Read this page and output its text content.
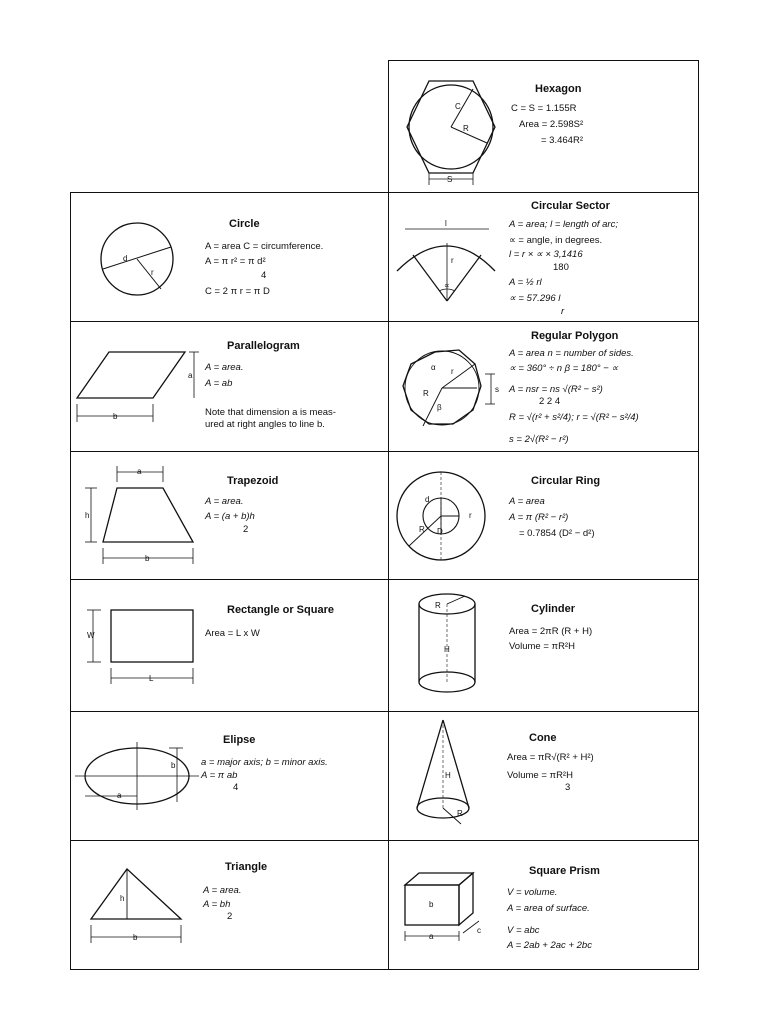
C
R
S
Hexagon
C = S = 1.155R
Area = 2.598S²
= 3.464R²
d
r
Circle
A = area C = circumference.
A = π r² = π d²
4
C = 2 π r = π D
l
r
∝
Circular Sector
A = area; l = length of arc;
∝ = angle, in degrees.
l = r × ∝ × 3,1416
180
A = ½ rl
∝ = 57.296 l
r
a
b
Parallelogram
A = area.
A = ab
Note that dimension a is meas-
ured at right angles to line b.
α r
R
β
s
Regular Polygon
A = area n = number of sides.
∝ = 360° ÷ n β = 180° − ∝
A = nsr = ns √(R² − s²)
2 2 4
R = √(r² + s²/4); r = √(R² − s²/4)
s = 2√(R² − r²)
a
h
b
Trapezoid
A = area.
A = (a + b)h
2
d
R D
r
Circular Ring
A = area
A = π (R² − r²)
= 0.7854 (D² − d²)
W
L
Rectangle or Square
Area = L x W
R
H
Cylinder
Area = 2πR (R + H)
Volume = πR²H
a
b
Elipse
a = major axis; b = minor axis.
A = π ab
4
H
R
Cone
Area = πR√(R² + H²)
Volume = πR²H
3
h
b
Triangle
A = area.
A = bh
2
b
a
c
Square Prism
V = volume.
A = area of surface.
V = abc
A = 2ab + 2ac + 2bc
